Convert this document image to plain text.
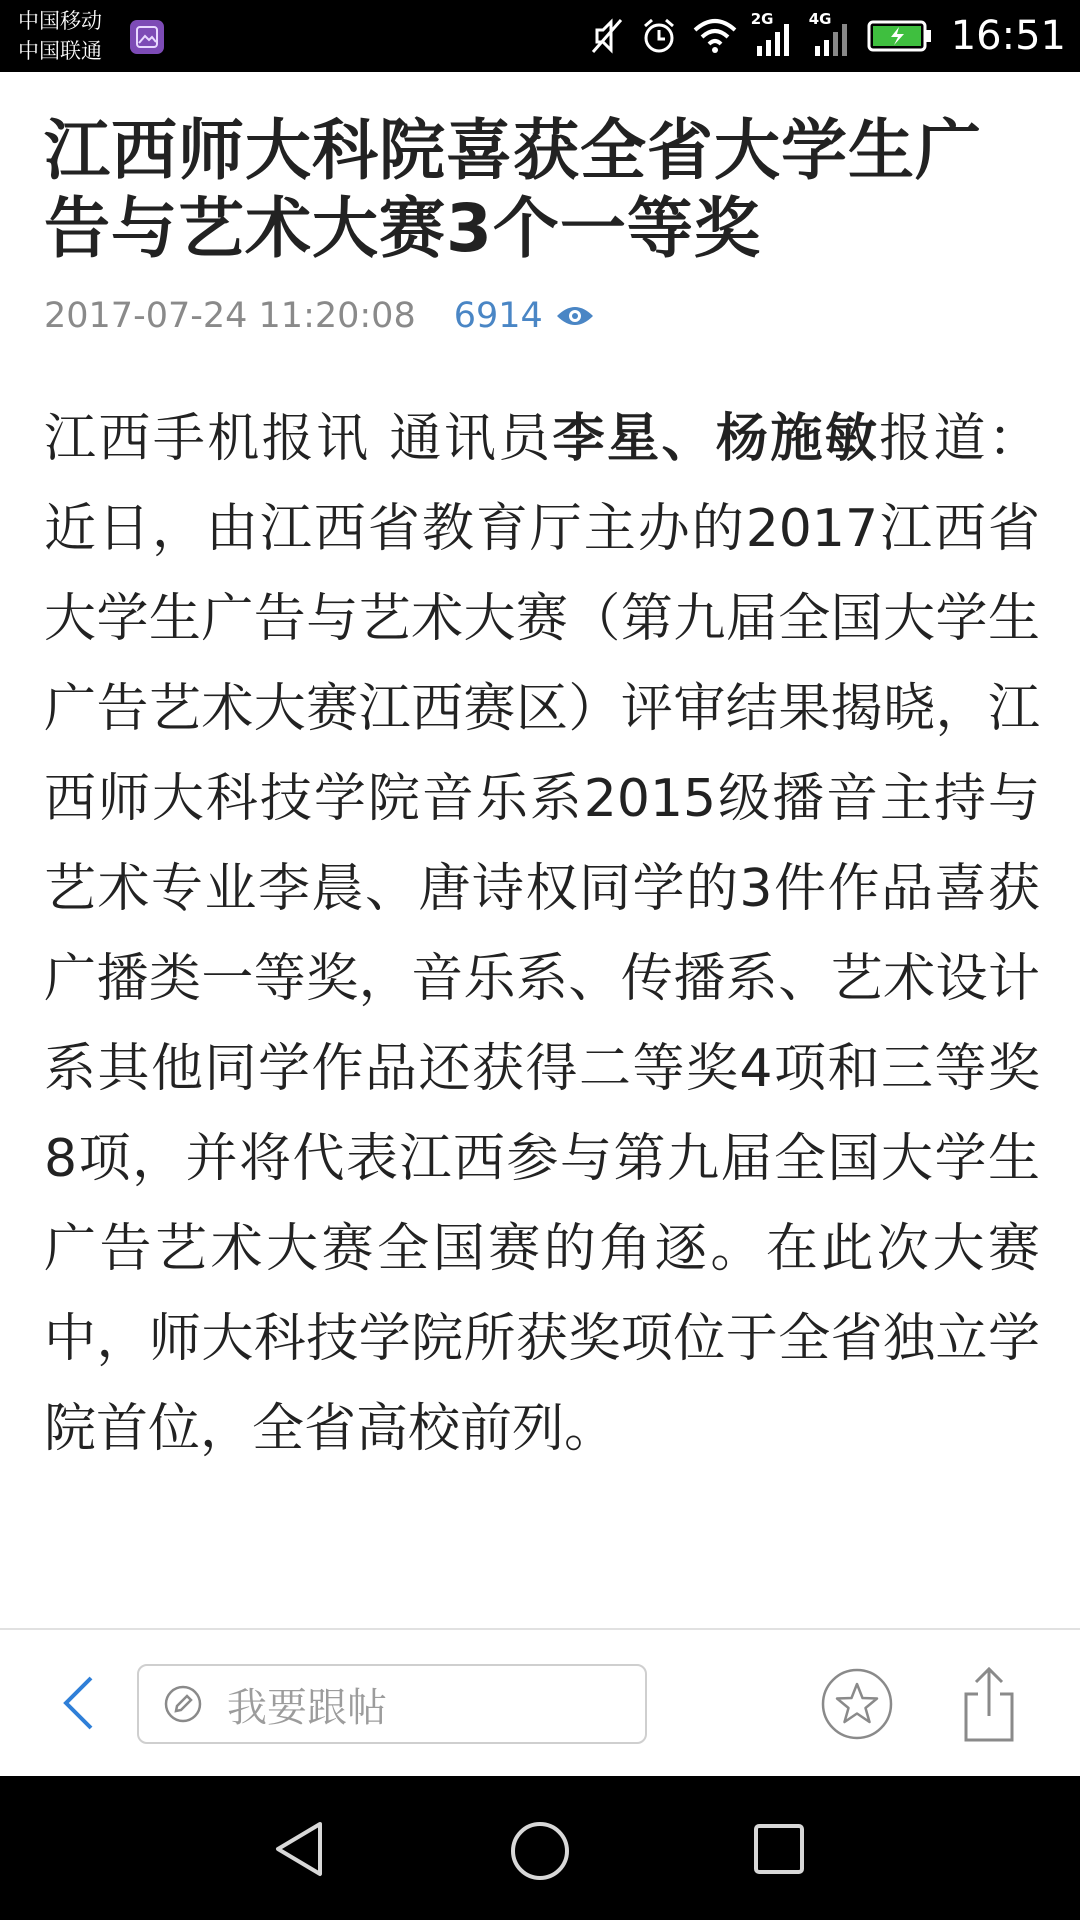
中国移动
中国联通
2G 4G	16:51
江西师大科院喜获全省大学生广告与艺术大赛3个一等奖
2017-07-24 11:20:08 6914
江西手机报讯 通讯员李星、杨施敏报道：近日，由江西省教育厅主办的2017江西省大学生广告与艺术大赛（第九届全国大学生广告艺术大赛江西赛区）评审结果揭晓，江西师大科技学院音乐系2015级播音主持与艺术专业李晨、唐诗权同学的3件作品喜获广播类一等奖，音乐系、传播系、艺术设计系其他同学作品还获得二等奖4项和三等奖8项，并将代表江西参与第九届全国大学生广告艺术大赛全国赛的角逐。在此次大赛中，师大科技学院所获奖项位于全省独立学院首位，全省高校前列。
我要跟帖
